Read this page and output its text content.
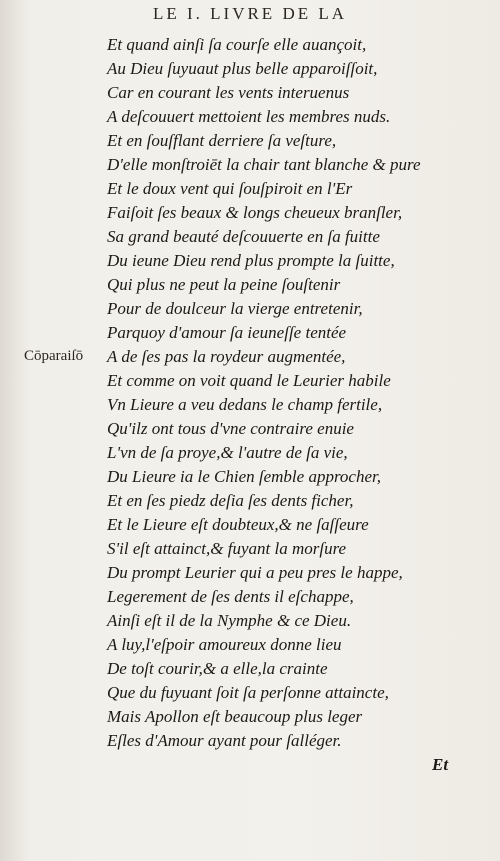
LE I. LIVRE DE LA
Cōparaiſō
Et quand ainſi ſa courſe elle auançoit,
Au Dieu ſuyuaut plus belle apparoiſſoit,
Car en courant les vents interuenus
A deſcouuert mettoient les membres nuds.
Et en ſouſflant derriere ſa veſture,
D'elle monſtroiēt la chair tant blanche & pure
Et le doux vent qui ſouſpiroit en l'Er
Faiſoit ſes beaux & longs cheueux branſler,
Sa grand beauté deſcouuerte en ſa fuitte
Du ieune Dieu rend plus prompte la ſuitte,
Qui plus ne peut la peine ſouſtenir
Pour de doulceur la vierge entretenir,
Parquoy d'amour ſa ieuneſſe tentée
A de ſes pas la roydeur augmentée,
Et comme on voit quand le Leurier habile
Vn Lieure a veu dedans le champ fertile,
Qu'ilz ont tous d'vne contraire enuie
L'vn de ſa proye,& l'autre de ſa vie,
Du Lieure ia le Chien ſemble approcher,
Et en ſes piedz deſia ſes dents ficher,
Et le Lieure eſt doubteux,& ne ſaſſeure
S'il eſt attainct,& fuyant la morſure
Du prompt Leurier qui a peu pres le happe,
Legerement de ſes dents il eſchappe,
Ainſi eſt il de la Nymphe & ce Dieu.
A luy,l'eſpoir amoureux donne lieu
De toſt courir,& a elle,la crainte
Que du fuyuant ſoit ſa perſonne attaincte,
Mais Apollon eſt beaucoup plus leger
Eſles d'Amour ayant pour ſalléger.
Et
